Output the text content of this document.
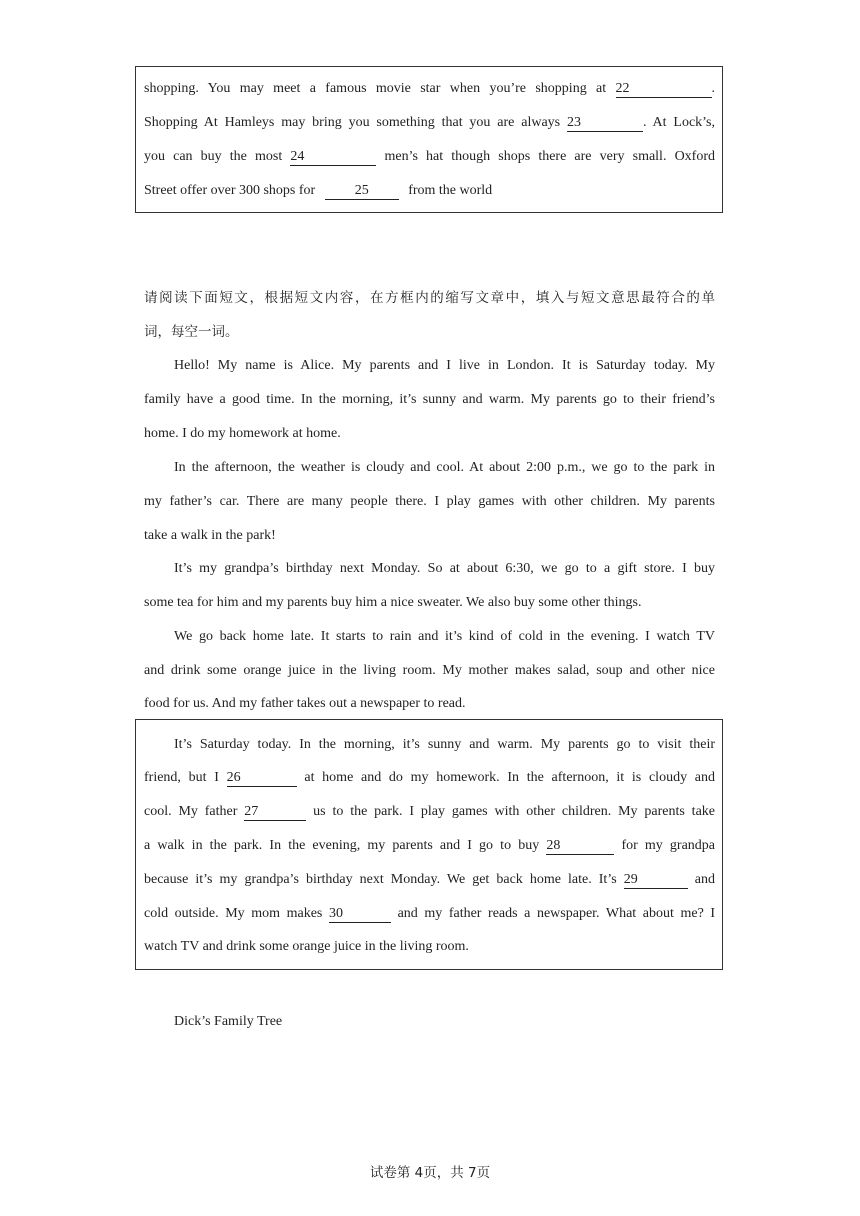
shopping. You may meet a famous movie star when you’re shopping at 22	.
Shopping At Hamleys may bring you something that you are always 23	. At Lock’s,
you can buy the most 24	men’s hat though shops there are very small. Oxford
Street offer over 300 shops for	25	from the world
请阅读下面短文，根据短文内容，在方框内的缩写文章中，填入与短文意思最符合的单
词，每空一词。
Hello! My name is Alice. My parents and I live in London. It is Saturday today. My
family have a good time. In the morning, it’s sunny and warm. My parents go to their friend’s
home. I do my homework at home.
In the afternoon, the weather is cloudy and cool. At about 2:00 p.m., we go to the park in
my father’s car. There are many people there. I play games with other children. My parents
take a walk in the park!
It’s my grandpa’s birthday next Monday. So at about 6:30, we go to a gift store. I buy
some tea for him and my parents buy him a nice sweater. We also buy some other things.
We go back home late. It starts to rain and it’s kind of cold in the evening. I watch TV
and drink some orange juice in the living room. My mother makes salad, soup and other nice
food for us. And my father takes out a newspaper to read.
It’s Saturday today. In the morning, it’s sunny and warm. My parents go to visit their
friend, but I 26	at home and do my homework. In the afternoon, it is cloudy and
cool. My father 27	us to the park. I play games with other children. My parents take
a walk in the park. In the evening, my parents and I go to buy 28	for my grandpa
because it’s my grandpa’s birthday next Monday. We get back home late. It’s 29	and
cold outside. My mom makes 30	and my father reads a newspaper. What about me? I
watch TV and drink some orange juice in the living room.
Dick’s Family Tree
试卷第 4页，共 7页
